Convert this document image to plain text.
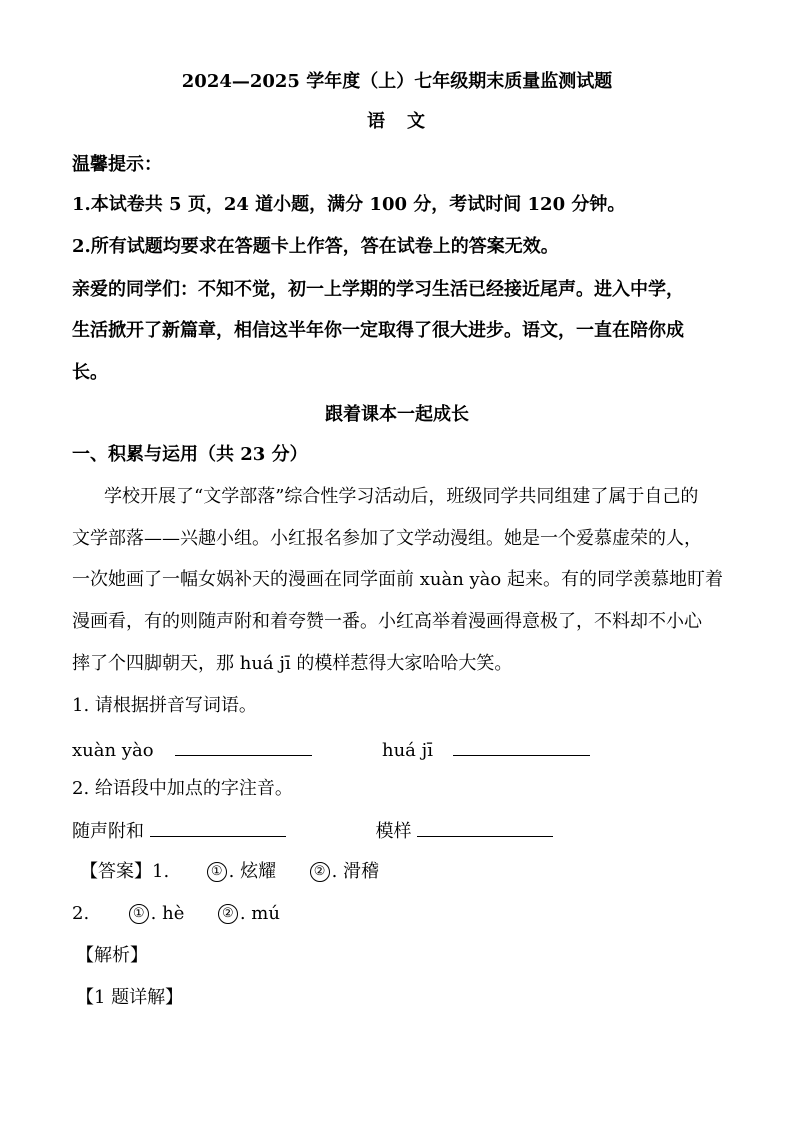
2024—2025 学年度（上）七年级期末质量监测试题
语　文
温馨提示：
1.本试卷共 5 页，24 道小题，满分 100 分，考试时间 120 分钟。
2.所有试题均要求在答题卡上作答，答在试卷上的答案无效。
亲爱的同学们：不知不觉，初一上学期的学习生活已经接近尾声。进入中学，
生活掀开了新篇章，相信这半年你一定取得了很大进步。语文，一直在陪你成
长。
跟着课本一起成长
一、积累与运用（共 23 分）
学校开展了“文学部落”综合性学习活动后，班级同学共同组建了属于自己的
文学部落——兴趣小组。小红报名参加了文学动漫组。她是一个爱慕虚荣的人，
一次她画了一幅女娲补天的漫画在同学面前 xuàn yào 起来。有的同学羡慕地盯着
漫画看，有的则随声附和着夸赞一番。小红高举着漫画得意极了，不料却不小心
摔了个四脚朝天，那 huá jī 的模样惹得大家哈哈大笑。
1. 请根据拼音写词语。
xuàn yào	huá jī
2. 给语段中加点的字注音。
随声附和	模样
【答案】1.	① . 炫耀	② . 滑稽
2.	① . hè	② . mú
【解析】
【1 题详解】
